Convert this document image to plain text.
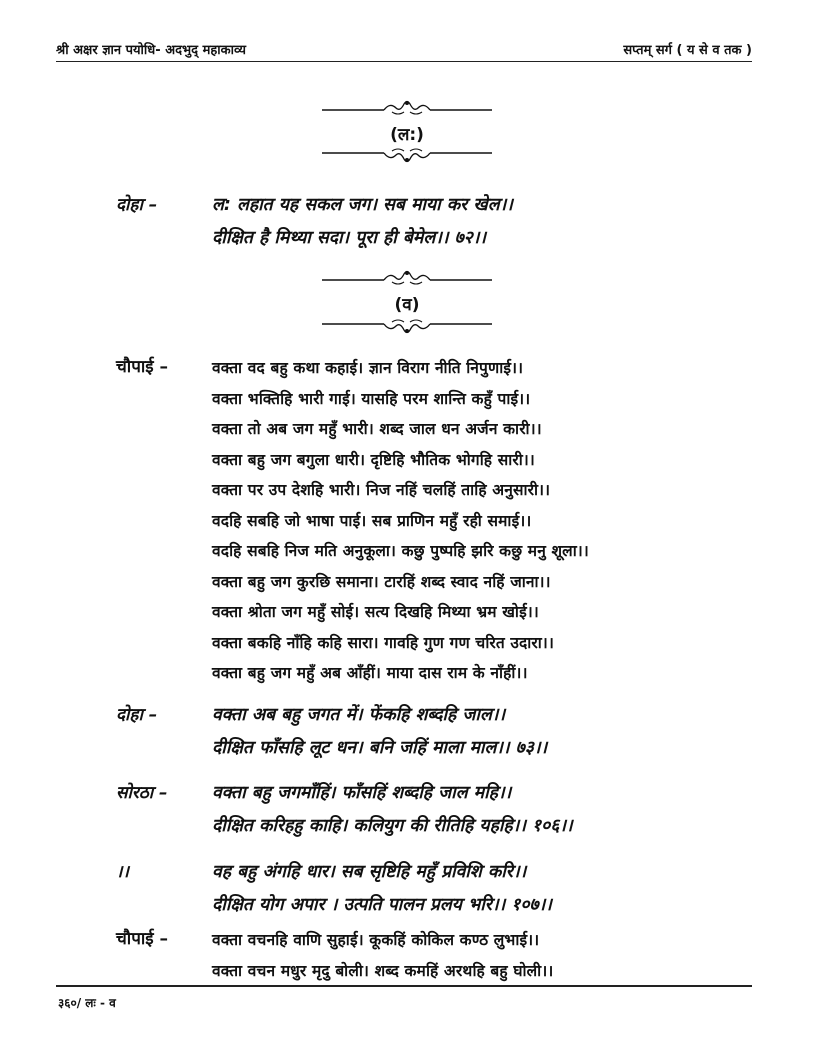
श्री अक्षर ज्ञान पयोधि- अदभुद् महाकाव्य	सप्तम् सर्ग ( य से व तक )
(ल:)
दोहा –	ल: लहात यह सकल जग। सब माया कर खेल।।
दीक्षित है मिथ्या सदा। पूरा ही बेमेल।। ७२।।
(व)
चौपाई –	वक्ता वद बहु कथा कहाई। ज्ञान विराग नीति निपुणाई।।
वक्ता भक्तिहि भारी गाई। यासहि परम शान्ति कहुँ पाई।।
वक्ता तो अब जग महुँ भारी। शब्द जाल धन अर्जन कारी।।
वक्ता बहु जग बगुला धारी। दृष्टिहि भौतिक भोगहि सारी।।
वक्ता पर उप देशहि भारी। निज नहिं चलहिं ताहि अनुसारी।।
वदहि सबहि जो भाषा पाई। सब प्राणिन महुँ रही समाई।।
वदहि सबहि निज मति अनुकूला। कछु पुष्पहि झरि कछु मनु शूला।।
वक्ता बहु जग कुरछि समाना। टारहिं शब्द स्वाद नहिं जाना।।
वक्ता श्रोता जग महुँ सोई। सत्य दिखहि मिथ्या भ्रम खोई।।
वक्ता बकहि नाँहि कहि सारा। गावहि गुण गण चरित उदारा।।
वक्ता बहु जग महुँ अब आँहीं। माया दास राम के नाँहीं।।
दोहा –	वक्ता अब बहु जगत में। फेंकहि शब्दहि जाल।।
दीक्षित फाँसहि लूट धन। बनि जहिं माला माल।। ७३।।
सोरठा –	वक्ता बहु जगमाँहिं। फाँसहिं शब्दहि जाल महि।।
दीक्षित करिहहु काहि। कलियुग की रीतिहि यहहि।। १०६।।
।।	वह बहु अंगहि धार। सब सृष्टिहि महुँ प्रविशि करि।।
दीक्षित योग अपार । उत्पति पालन प्रलय भरि।। १०७।।
चौपाई –	वक्ता वचनहि वाणि सुहाई। कूकहिं कोकिल कण्ठ लुभाई।।
वक्ता वचन मधुर मृदु बोली। शब्द कमहिं अरथहि बहु घोली।।
३६०/ लः - व
